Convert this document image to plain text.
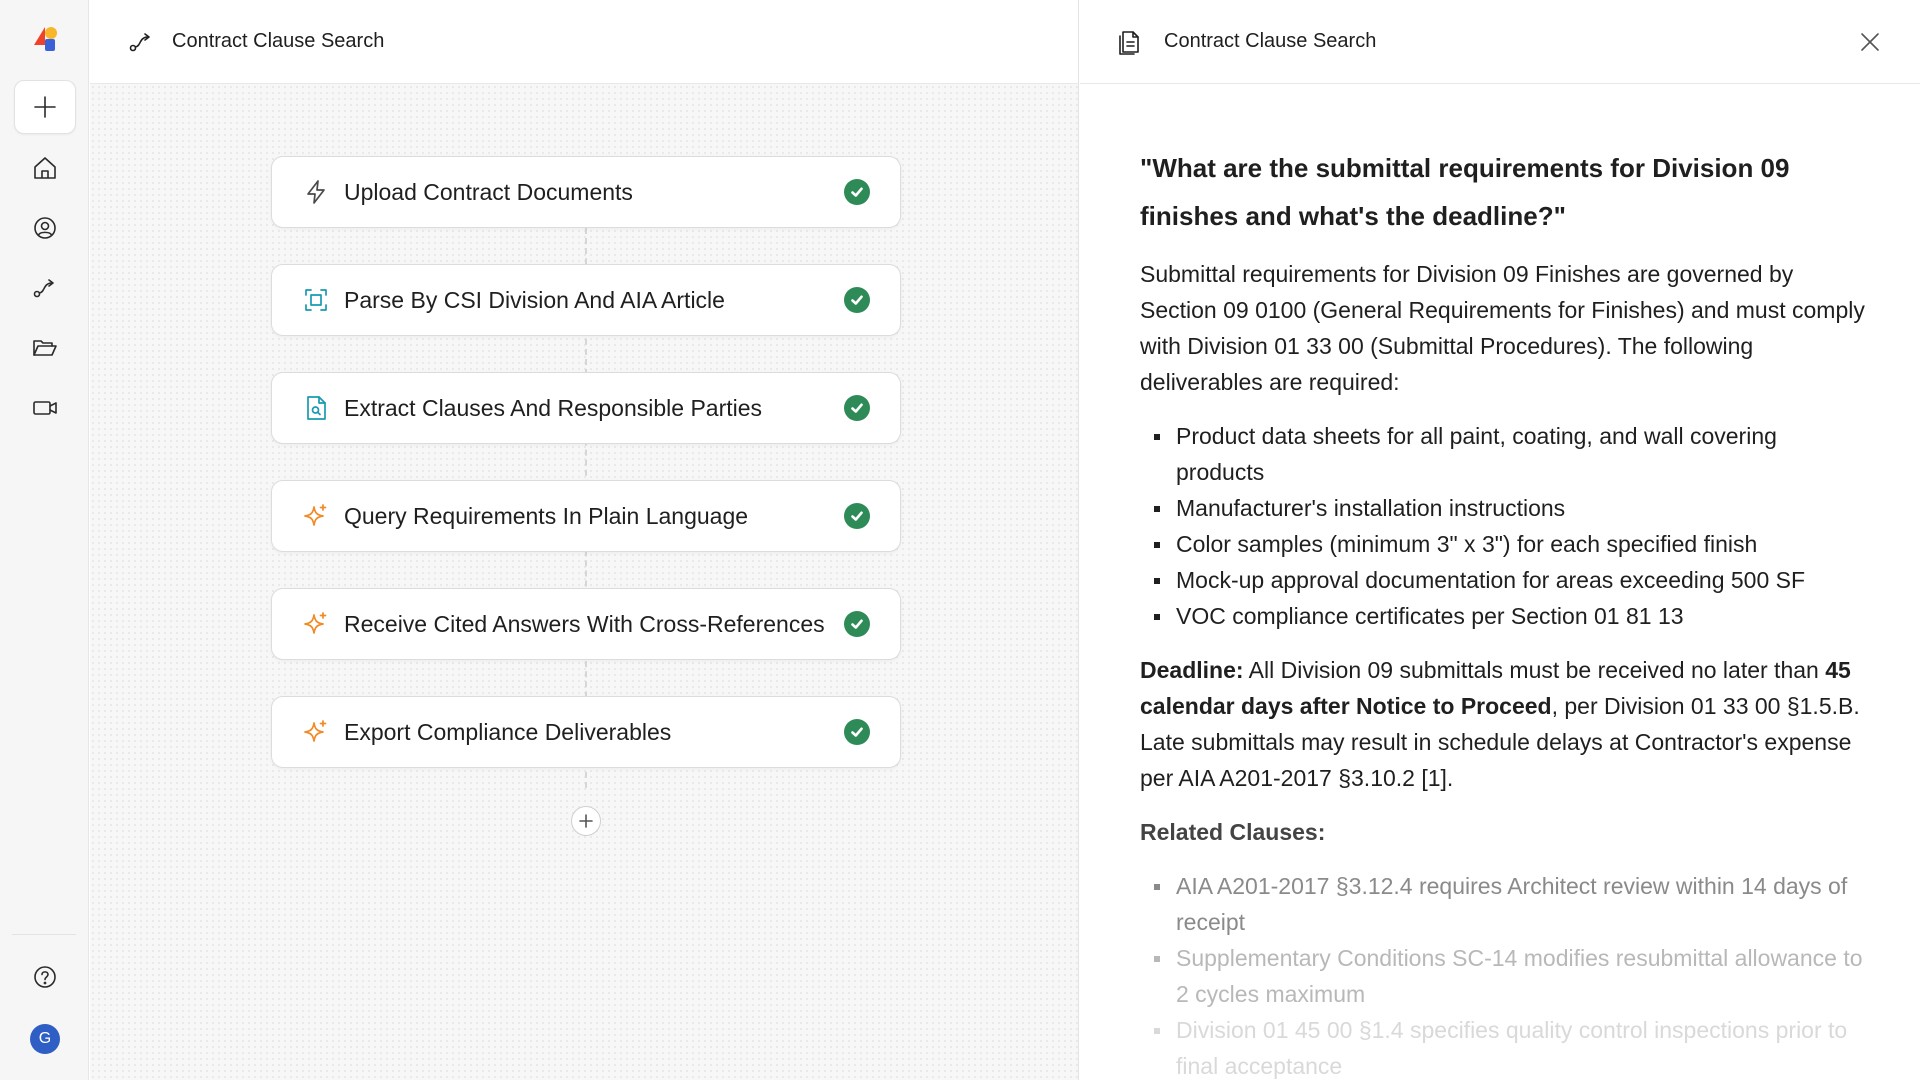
G
Contract Clause Search
Upload Contract Documents
Parse By CSI Division And AIA Article
Extract Clauses And Responsible Parties
Query Requirements In Plain Language
Receive Cited Answers With Cross-References
Export Compliance Deliverables
Contract Clause Search
"What are the submittal requirements for Division 09 finishes and what's the deadline?"

Submittal requirements for Division 09 Finishes are governed by Section 09 0100 (General Requirements for Finishes) and must comply with Division 01 33 00 (Submittal Procedures). The following deliverables are required:

Product data sheets for all paint, coating, and wall covering products
Manufacturer's installation instructions
Color samples (minimum 3" x 3") for each specified finish
Mock-up approval documentation for areas exceeding 500 SF
VOC compliance certificates per Section 01 81 13

Deadline: All Division 09 submittals must be received no later than 45 calendar days after Notice to Proceed, per Division 01 33 00 §1.5.B. Late submittals may result in schedule delays at Contractor's expense per AIA A201-2017 §3.10.2 [1].

Related Clauses:
AIA A201-2017 §3.12.4 requires Architect review within 14 days of receipt
Supplementary Conditions SC-14 modifies resubmittal allowance to 2 cycles maximum
Division 01 45 00 §1.4 specifies quality control inspections prior to final acceptance
